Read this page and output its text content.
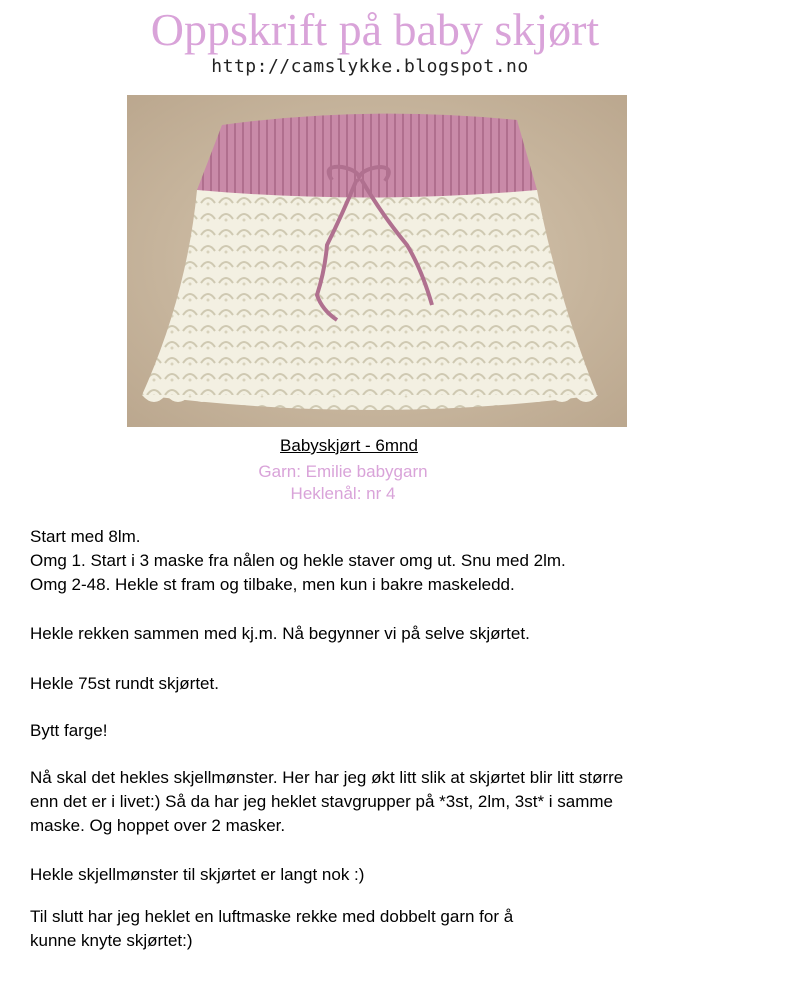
Oppskrift på baby skjørt
http://camslykke.blogspot.no
Babyskjørt - 6mnd
Garn: Emilie babygarn
Heklenål: nr 4
Start med 8lm.
Omg 1. Start i 3 maske fra nålen og hekle staver omg ut. Snu med 2lm.
Omg 2-48. Hekle st fram og tilbake, men kun i bakre maskeledd.
Hekle rekken sammen med kj.m. Nå begynner vi på selve skjørtet.
Hekle 75st rundt skjørtet.
Bytt farge!
Nå skal det hekles skjellmønster. Her har jeg økt litt slik at skjørtet blir litt større
enn det er i livet:) Så da har jeg heklet stavgrupper på *3st, 2lm, 3st* i samme
maske. Og hoppet over 2 masker.
Hekle skjellmønster til skjørtet er langt nok :)
Til slutt har jeg heklet en luftmaske rekke med dobbelt garn for å
kunne knyte skjørtet:)
